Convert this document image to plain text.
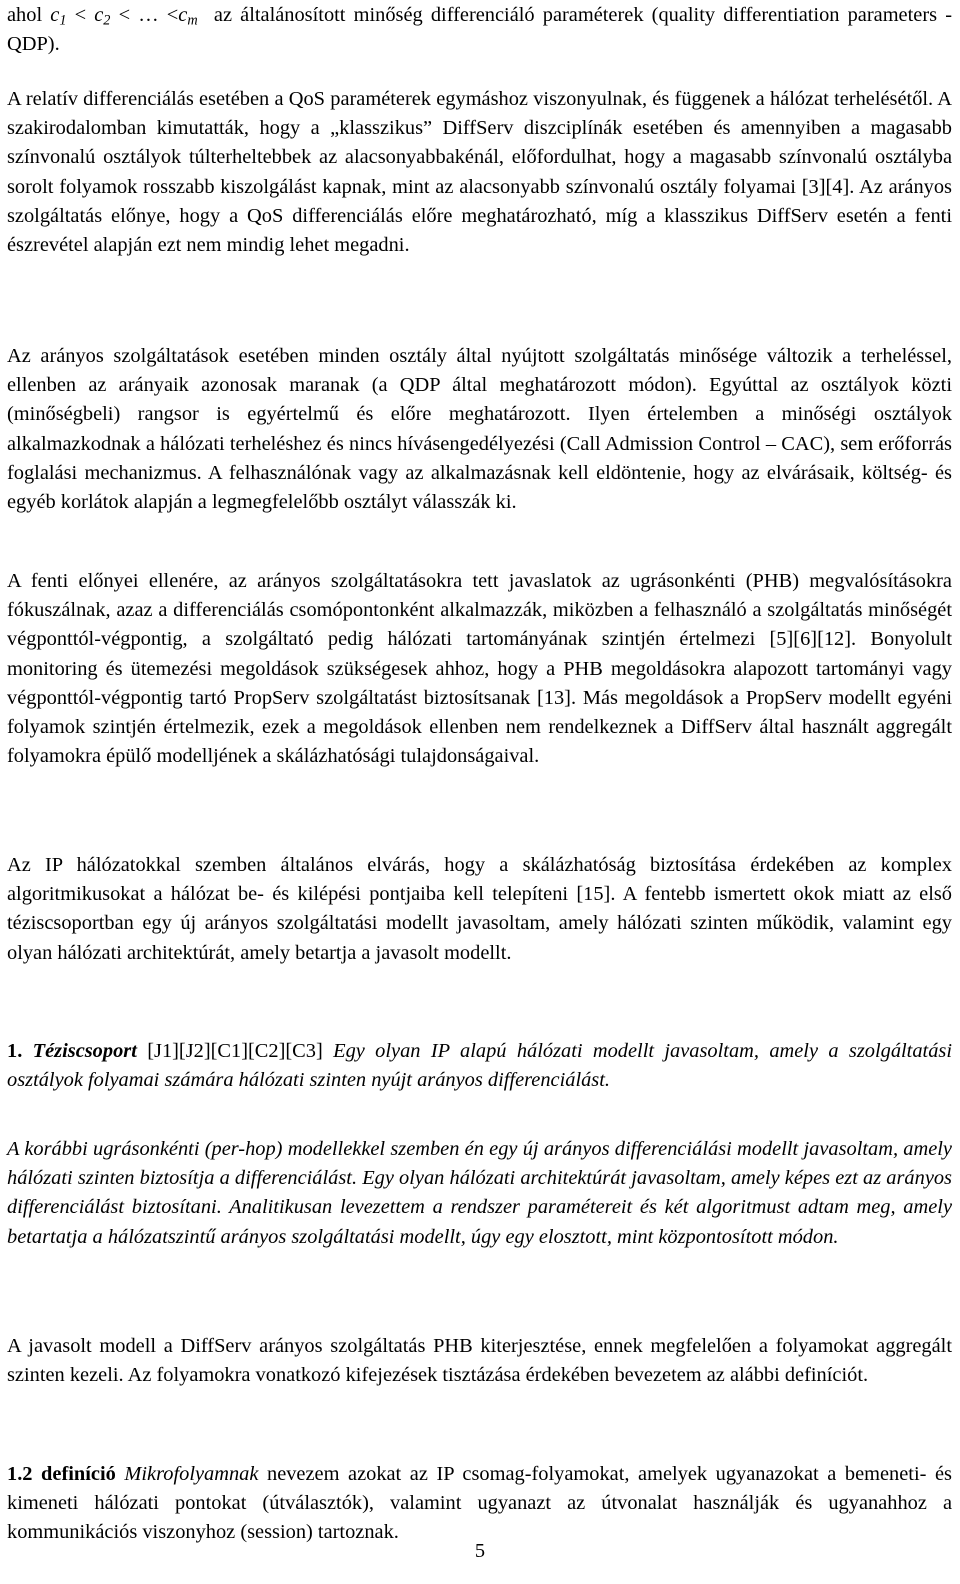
ahol $c_1 < c_2$ < … $<c_m$  az általánosított minőség differenciáló paraméterek (quality differentiation parameters - QDP).

A relatív differenciálás esetében a QoS paraméterek egymáshoz viszonyulnak, és függenek a hálózat terhelésétől. A szakirodalomban kimutatták, hogy a „klasszikus” DiffServ diszciplínák esetében és amennyiben a magasabb színvonalú osztályok túlterheltebbek az alacsonyabbakénál, előfordulhat, hogy a magasabb színvonalú osztályba sorolt folyamok rosszabb kiszolgálást kapnak, mint az alacsonyabb színvonalú osztály folyamai [3][4]. Az arányos szolgáltatás előnye, hogy a QoS differenciálás előre meghatározható, míg a klasszikus DiffServ esetén a fenti észrevétel alapján ezt nem mindig lehet megadni.

Az arányos szolgáltatások esetében minden osztály által nyújtott szolgáltatás minősége változik a terheléssel, ellenben az arányaik azonosak maranak (a QDP által meghatározott módon). Egyúttal az osztályok közti (minőségbeli) rangsor is egyértelmű és előre meghatározott. Ilyen értelemben a minőségi osztályok alkalmazkodnak a hálózati terheléshez és nincs hívásengedélyezési (Call Admission Control – CAC), sem erőforrás foglalási mechanizmus. A felhasználónak vagy az alkalmazásnak kell eldöntenie, hogy az elvárásaik, költség- és egyéb korlátok alapján a legmegfelelőbb osztályt válasszák ki.

A fenti előnyei ellenére, az arányos szolgáltatásokra tett javaslatok az ugrásonkénti (PHB) megvalósításokra fókuszálnak, azaz a differenciálás csomópontonként alkalmazzák, miközben a felhasználó a szolgáltatás minőségét végponttól-végpontig, a szolgáltató pedig hálózati tartományának szintjén értelmezi [5][6][12]. Bonyolult monitoring és ütemezési megoldások szükségesek ahhoz, hogy a PHB megoldásokra alapozott tartományi vagy végponttól-végpontig tartó PropServ szolgáltatást biztosítsanak [13]. Más megoldások a PropServ modellt egyéni folyamok szintjén értelmezik, ezek a megoldások ellenben nem rendelkeznek a DiffServ által használt aggregált folyamokra épülő modelljének a skálázhatósági tulajdonságaival.

Az IP hálózatokkal szemben általános elvárás, hogy a skálázhatóság biztosítása érdekében az komplex algoritmikusokat a hálózat be- és kilépési pontjaiba kell telepíteni [15]. A fentebb ismertett okok miatt az első téziscsoportban egy új arányos szolgáltatási modellt javasoltam, amely hálózati szinten működik, valamint egy olyan hálózati architektúrát, amely betartja a javasolt modellt.

1. Téziscsoport [J1][J2][C1][C2][C3] Egy olyan IP alapú hálózati modellt javasoltam, amely a szolgáltatási osztályok folyamai számára hálózati szinten nyújt arányos differenciálást.

A korábbi ugrásonkénti (per-hop) modellekkel szemben én egy új arányos differenciálási modellt javasoltam, amely hálózati szinten biztosítja a differenciálást. Egy olyan hálózati architektúrát javasoltam, amely képes ezt az arányos differenciálást biztosítani. Analitikusan levezettem a rendszer paramétereit és két algoritmust adtam meg, amely betartatja a hálózatszintű arányos szolgáltatási modellt, úgy egy elosztott, mint központosított módon.

A javasolt modell a DiffServ arányos szolgáltatás PHB kiterjesztése, ennek megfelelően a folyamokat aggregált szinten kezeli. Az folyamokra vonatkozó kifejezések tisztázása érdekében bevezetem az alábbi definíciót.

1.2 definíció Mikrofolyamnak nevezem azokat az IP csomag-folyamokat, amelyek ugyanazokat a bemeneti- és kimeneti hálózati pontokat (útválasztók), valamint ugyanazt az útvonalat használják és ugyanahhoz a kommunikációs viszonyhoz (session) tartoznak.

5
